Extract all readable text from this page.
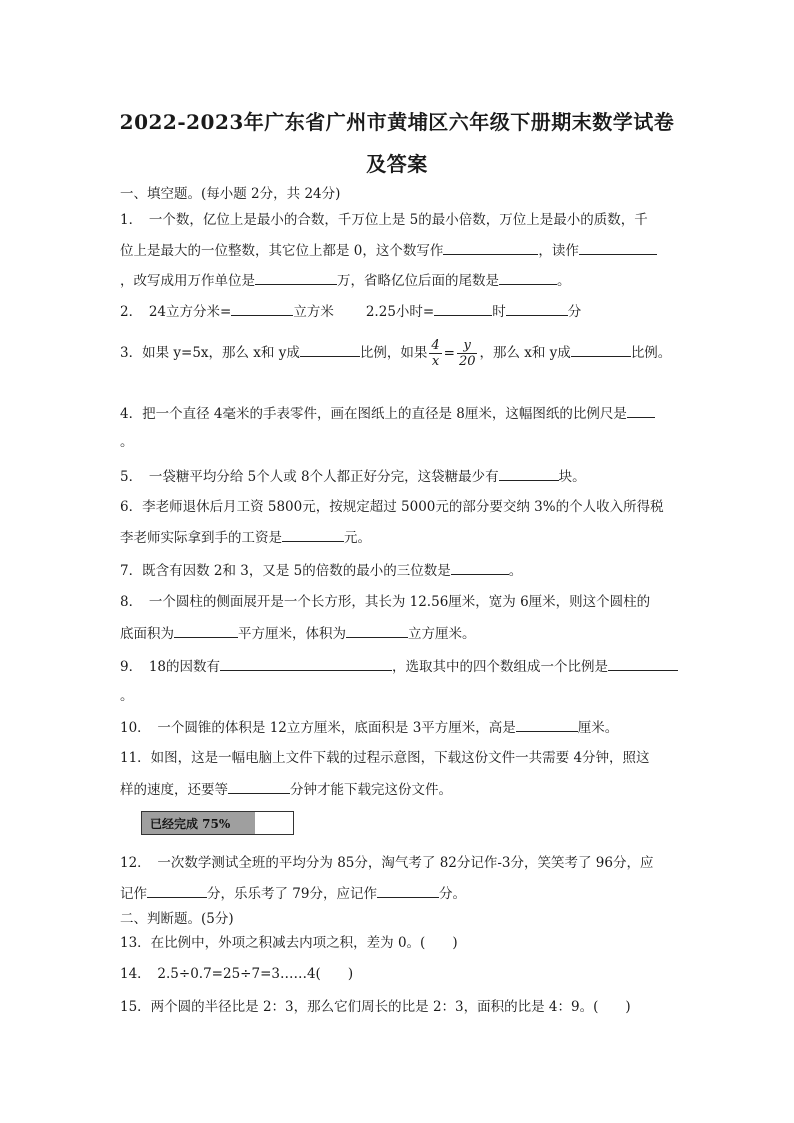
2022-2023年广东省广州市黄埔区六年级下册期末数学试卷
及答案
一、填空题。(每小题 2分，共 24分)
1．　一个数，亿位上是最小的合数，千万位上是 5的最小倍数，万位上是最小的质数，千
位上是最大的一位整数，其它位上都是 0，这个数写作	，读作
，改写成用万作单位是	万，省略亿位后面的尾数是	。
2．　24立方分米=	立方米 2.25小时=	时	分
3．如果 y=5x，那么 x和 y成	比例，如果 $\frac{4}{x} = \frac{y}{20}$ ，那么 x和 y成	比例。
4．把一个直径 4毫米的手表零件，画在图纸上的直径是 8厘米，这幅图纸的比例尺是
。
5．　一袋糖平均分给 5个人或 8个人都正好分完，这袋糖最少有	块。
6．李老师退休后月工资 5800元，按规定超过 5000元的部分要交纳 3%的个人收入所得税
李老师实际拿到手的工资是	元。
7．既含有因数 2和 3，又是 5的倍数的最小的三位数是	。
8．　一个圆柱的侧面展开是一个长方形，其长为 12.56厘米，宽为 6厘米，则这个圆柱的
底面积为	平方厘米，体积为	立方厘米。
9．　18的因数有	，选取其中的四个数组成一个比例是
。
10．　一个圆锥的体积是 12立方厘米，底面积是 3平方厘米，高是	厘米。
11．如图，这是一幅电脑上文件下载的过程示意图，下载这份文件一共需要 4分钟，照这
样的速度，还要等	分钟才能下载完这份文件。
已经完成 75%
12．　一次数学测试全班的平均分为 85分，淘气考了 82分记作-3分，笑笑考了 96分，应
记作	分，乐乐考了 79分，应记作	分。
二、判断题。(5分)
13．在比例中，外项之积减去内项之积，差为 0。(　　)
14．　2.5÷0.7=25÷7=3……4(　　)
15．两个圆的半径比是 2：3，那么它们周长的比是 2：3，面积的比是 4：9。(　　)
